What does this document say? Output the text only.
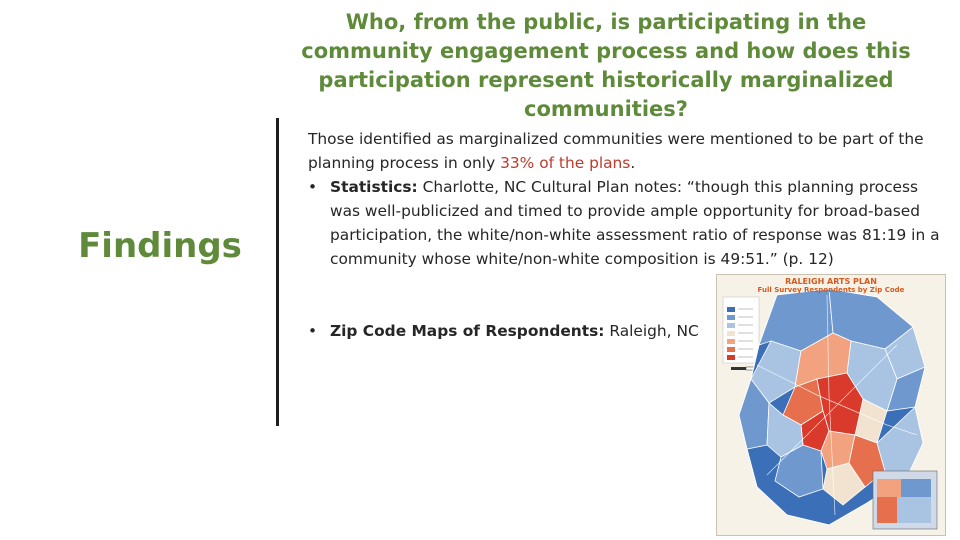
Findings
Who, from the public, is participating in the community engagement process and how does this participation represent historically marginalized communities?

Those identified as marginalized communities were mentioned to be part of the planning process in only 33% of the plans.

• Statistics: Charlotte, NC Cultural Plan notes: “though this planning process was well-publicized and timed to provide ample opportunity for broad-based participation, the white/non-white assessment ratio of response was 81:19 in a community whose white/non-white composition is 49:51.” (p. 12)

• Zip Code Maps of Respondents: Raleigh, NC
RALEIGH ARTS PLAN
Full Survey Respondents by Zip Code
